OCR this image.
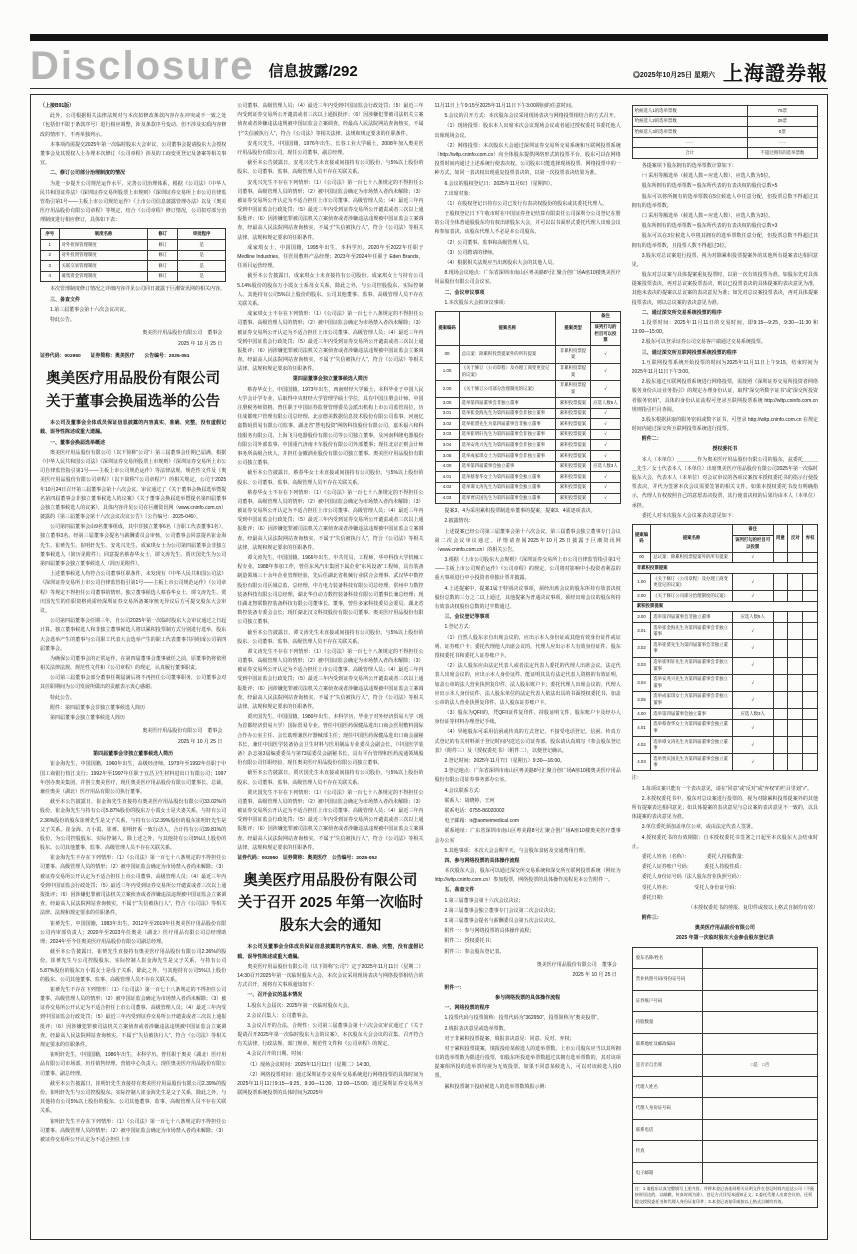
Disclosure 信息披露/292	◎2025年10月25日 星期六 上海證券報

（上接B91版）

此外，公司根据相关法律法规对与本次拟修改条款内容存在冲突或不一致之处（包括但不限于条款序号）进行相应调整，涉及条款序号变动、但不涉及实质内容修改的情形下，不再单独列示。

本事项尚需提交2025年第一次临时股东大会审议，公司董事会提请股东大会授权董事会及其授权人士办理本次修订《公司章程》涉及的工商变更登记及备案等相关事宜。

二、修订公司部分治理制度的情况

为进一步提升公司规范运作水平，完善公司治理体系，根据《公司法》《中华人民共和国证券法》《深圳证券交易所股票上市规则》《深圳证券交易所上市公司自律监管指引第1号——主板上市公司规范运作》《上市公司信息披露管理办法》以及《奥美医疗用品股份有限公司章程》等规定，结合《公司章程》修订情况，公司拟对部分治理制度进行相应修订，具体如下表：

序号	制度名称	修订	审批程序
1	对外担保管理制度	修订	是
2	对外投资管理制度	修订	是
3	关联交易管理制度	修订	是
4	募集资金管理制度	修订	是

本次管理制度修订情况之详细内容详见公司同日披露于巨潮资讯网的相关内容。

三、备查文件

1.第三届董事会第十六次会议决议。

特此公告。

奥美医疗用品股份有限公司　董事会
2025 年 10 月 25 日

证券代码：002950　　证券简称：奥美医疗　　公告编号：2025-051

奥美医疗用品股份有限公司
关于董事会换届选举的公告

本公司及董事会全体成员保证信息披露的内容真实、准确、完整，没有虚假记载、误导性陈述或重大遗漏。

一、董事会换届选举概述

奥美医疗用品股份有限公司（以下简称“公司”）第三届董事会任期已届满，根据《中华人民共和国公司法》《深圳证券交易所股票上市规则》《深圳证券交易所上市公司自律监管指引第1号——主板上市公司规范运作》等法律法规、规范性文件及《奥美医疗用品股份有限公司章程》（以下简称“《公司章程》”）的相关规定，公司于2025年10月24日召开第三届董事会第十六次会议，审议通过了《关于董事会换届选举暨提名第四届董事会非独立董事候选人的议案》《关于董事会换届选举暨提名第四届董事会独立董事候选人的议案》，具体内容详见公司在巨潮资讯网（www.cninfo.com.cn）披露的《第三届董事会第十六次会议决议公告》（公告编号：2025-049）。

公司第四届董事会由9名董事组成，其中非独立董事6名（含职工代表董事1名），独立董事3名。经第三届董事会提名与薪酬委员会审核，公司董事会同意提名崔金海先生、崔赟先生、崔明轩先生、安兆兴先生、成家琪女士为公司第四届董事会非独立董事候选人（简历见附件）；同意提名蔡春华女士、谭文涛先生、贾庆国先生为公司第四届董事会独立董事候选人（简历见附件）。

上述董事候选人均符合公司董事任职条件，未发现有《中华人民共和国公司法》《深圳证券交易所上市公司自律监管指引第1号——主板上市公司规范运作》《公司章程》等规定不得担任公司董事的情形。独立董事候选人蔡春华女士、谭文涛先生、贾庆国先生的任职资格尚需经深圳证券交易所备案审核无异议后方可提交股东大会审议。

公司第四届董事会任期三年，自公司2025年第一次临时股东大会审议通过之日起计算。独立董事候选人和非独立董事候选人将以累积投票制方式分别进行选举，股东大会选举产生的董事与公司职工代表大会选举产生的职工代表董事共同组成公司第四届董事会。

为确保公司董事会的正常运作，在第四届董事会董事就任之前，原董事仍将依照相关法律法规、规范性文件和《公司章程》的规定，认真履行董事职责。

公司第三届董事会部分董事任期届满后将不再担任公司董事职务，公司董事会对其任职期间为公司发展所做出的贡献表示衷心感谢。

特此公告。

附件：第四届董事会非独立董事候选人简历

第四届董事会独立董事候选人简历

奥美医疗用品股份有限公司　董事会
2025 年 10 月 25 日

第四届董事会非独立董事候选人简历

崔金海先生，中国国籍，1960年出生，高级经济师。1979年至1992年任职于中国工商银行枝江支行；1992年至1997年任职于宜昌卫生材料进出口有限公司；1997年创办奥美集团，并创立奥美医疗，现任奥美医疗用品股份有限公司董事长、总裁，兼任奥美（湖北）医疗用品有限公司执行董事。

截至本公告披露日，崔金海先生直接持有奥美医疗用品股份有限公司33.02%的股份。崔金海先生与持有公司5.87%股份的股东万小霞女士是夫妻关系，与持有公司2.36%股份的股东崔赟先生是父子关系，与持有公司2.39%股份的股东崔明轩先生是父子关系。崔金海、万小霞、崔赟、崔明轩系一致行动人，合计持有公司39.81%的股份，为公司控股股东、实际控制人。除上述之外，与其他持有公司5%以上股份的股东、公司其他董事、监事、高级管理人员不存在关联关系。

崔金海先生不存在下列情形：（1）《公司法》第一百七十八条规定的不得担任公司董事、高级管理人员的情形；（2）被中国证监会确定为市场禁入者尚未解除；（3）被证券交易所公开认定为不适合担任上市公司董事、高级管理人员；（4）最近三年内受到中国证监会行政处罚；（5）最近三年内受到证券交易所公开谴责或者三次以上通报批评；（6）因涉嫌犯罪被司法机关立案侦查或者涉嫌违法违规被中国证监会立案调查。经最高人民法院网站查询核实，不属于“失信被执行人”，符合《公司法》等相关法律、法规和规定要求的任职条件。

崔赟先生，中国国籍，1983年出生。2012年至2019年任奥美医疗用品股份有限公司内审部负责人；2020年至2023年任奥美（湖北）医疗用品有限公司总经理助理；2024年至今任奥美医疗用品股份有限公司副总经理。

截至本公告披露日，崔赟先生直接持有奥美医疗用品股份有限公司2.36%的股份。崔赟先生与公司控股股东、实际控制人崔金海先生是父子关系，与持有公司5.87%股份的股东万小霞女士是母子关系，除此之外，与其他持有公司5%以上股份的股东、公司其他董事、监事、高级管理人员不存在关联关系。

崔赟先生不存在下列情形：（1）《公司法》第一百七十八条规定的不得担任公司董事、高级管理人员的情形；（2）被中国证监会确定为市场禁入者尚未解除；（3）被证券交易所公开认定为不适合担任上市公司董事、高级管理人员；（4）最近三年内受到中国证监会行政处罚；（5）最近三年内受到证券交易所公开谴责或者三次以上通报批评；（6）因涉嫌犯罪被司法机关立案侦查或者涉嫌违法违规被中国证监会立案调查。经最高人民法院网站查询核实，不属于“失信被执行人”，符合《公司法》等相关规定要求的任职条件。

崔明轩先生，中国国籍，1986年出生，本科学历。曾任职于奥美（湖北）医疗用品有限公司市场部，历任销售经理、营销中心负责人；现任奥美医疗用品股份有限公司董事、副总经理。

截至本公告披露日，崔明轩先生直接持有奥美医疗用品股份有限公司2.39%的股份。崔明轩先生与公司控股股东、实际控制人崔金海先生是父子关系，除此之外，与其他持有公司5%以上股份的股东、公司其他董事、监事、高级管理人员不存在关联关系。

崔明轩先生不存在下列情形：（1）《公司法》第一百七十八条规定的不得担任公司董事、高级管理人员的情形；（2）被中国证监会确定为市场禁入者尚未解除；（3）被证券交易所公开认定为不适合担任上市

公司董事、高级管理人员；（4）最近三年内受到中国证监会行政处罚；（5）最近三年内受到证券交易所公开谴责或者三次以上通报批评；（6）因涉嫌犯罪被司法机关立案侦查或者涉嫌违法违规被中国证监会立案调查。经最高人民法院网站查询核实，不属于“失信被执行人”，符合《公司法》等相关法律、法规和规定要求的任职条件。

安兆兴先生，中国国籍，1976年出生，长春工业大学硕士，2008年加入奥美医疗用品股份有限公司，现任公司董事、副总经理。

截至本公告披露日，安兆兴先生未直接或间接持有公司股份，与5%以上股份的股东、公司董事、监事、高级管理人员不存在关联关系。

安兆兴先生不存在下列情形：（1）《公司法》第一百七十八条规定的不得担任公司董事、高级管理人员的情形；（2）被中国证监会确定为市场禁入者尚未解除；（3）被证券交易所公开认定为不适合担任上市公司董事、高级管理人员；（4）最近三年内受到中国证监会行政处罚；（5）最近三年内受到证券交易所公开谴责或者三次以上通报批评；（6）因涉嫌犯罪被司法机关立案侦查或者涉嫌违法违规被中国证监会立案调查。经最高人民法院网站查询核实，不属于“失信被执行人”，符合《公司法》等相关法律、法规和规定要求的任职条件。

成家琪女士，中国国籍，1995年出生，本科学历。2020年至2022年任职于 Medline Industries，任医用敷料产品经理；2023年至2024年任职于 Eden Brands，任项目运营经理。

截至本公告披露日，成家琪女士未直接持有公司股份。成家琪女士与持有公司5.14%股份的股东万小霞女士系母女关系，除此之外，与公司控股股东、实际控制人、其他持有公司5%以上股份的股东、公司其他董事、监事、高级管理人员不存在关联关系。

成家琪女士不存在下列情形：（1）《公司法》第一百七十八条规定的不得担任公司董事、高级管理人员的情形；（2）被中国证监会确定为市场禁入者尚未解除；（3）被证券交易所公开认定为不适合担任上市公司董事、高级管理人员；（4）最近三年内受到中国证监会行政处罚；（5）最近三年内受到证券交易所公开谴责或者三次以上通报批评；（6）因涉嫌犯罪被司法机关立案侦查或者涉嫌违法违规被中国证监会立案调查。经最高人民法院网站查询核实，不属于“失信被执行人”，符合《公司法》等相关法律、法规和规定要求的任职条件。

第四届董事会独立董事候选人简历

蔡春华女士，中国国籍，1973年出生，西南财经大学硕士，本科毕业于中国人民大学会计学专业，后取得中央财经大学管理学硕士学位，具有中国注册会计师、中国注册税务师资格。曾任职于中国证券监督管理委员会派出机构上市公司监管岗位，历任成都账户管理有限公司总经理、北京德美数据信息技术股份有限公司监事、河南亿嘉数码贸易有限公司监事，湖北省“慧电投资”网络科技股份有限公司、嘉禾福六和科技服务有限公司、上海飞马电器股份有限公司等公司独立董事，及河南科隆电器股份有限公司外部监事、中国重汽济南卡车股份有限公司外部董事；现任北京正则会计师事务所高级合伙人，并担任金徽酒业股份有限公司独立董事、奥美医疗用品股份有限公司独立董事。

截至本公告披露日，蔡春华女士未直接或间接持有公司股份，与5%以上股份的股东、公司董事、监事、高级管理人员不存在关联关系。

蔡春华女士不存在下列情形：（1）《公司法》第一百七十八条规定的不得担任公司董事、高级管理人员的情形；（2）被中国证监会确定为市场禁入者尚未解除；（3）被证券交易所公开认定为不适合担任上市公司董事、高级管理人员；（4）最近三年内受到中国证监会行政处罚；（5）最近三年内受到证券交易所公开谴责或者三次以上通报批评；（6）因涉嫌犯罪被司法机关立案侦查或者涉嫌违法违规被中国证监会立案调查。经最高人民法院网站查询核实，不属于“失信被执行人”，符合《公司法》等相关法律、法规和规定要求的任职条件。

谭文涛先生，中国国籍，1966年出生，中共党员，工程师，华中科技大学机械工程专业。1988年参加工作，曾任东风汽车集团下属企业“东风设备”工程师，具有装备制造领域三十余年企业管理经验，先后任湖北省机械行业联合会理事、武汉华中数控股份有限公司区域总监、总经理，中力电力装备科技有限公司总经理，常州中力数控装备科技有限公司总经理，湖北华自动力数控装备科技有限公司董事长兼总经理；现任湖北智联数控装备科技有限公司董事长、董事，曾任多家科技委员会委员、湖北省数控装备专委会会长；现任湖北汉文科技股份有限公司董事、奥美医疗用品股份有限公司独立董事。

截至本公告披露日，谭文涛先生未直接或间接持有公司股份，与5%以上股份的股东、公司董事、监事、高级管理人员不存在关联关系。

谭文涛先生不存在下列情形：（1）《公司法》第一百七十八条规定的不得担任公司董事、高级管理人员的情形；（2）被中国证监会确定为市场禁入者尚未解除；（3）被证券交易所公开认定为不适合担任上市公司董事、高级管理人员；（4）最近三年内受到中国证监会行政处罚；（5）最近三年内受到证券交易所公开谴责或者三次以上通报批评；（6）因涉嫌犯罪被司法机关立案侦查或者涉嫌违法违规被中国证监会立案调查。经最高人民法院网站查询核实，不属于“失信被执行人”，符合《公司法》等相关法律、法规和规定要求的任职条件。

贾庆国先生，中国国籍，1980年出生，本科学历，毕业于对外经济贸易大学（现为首都经济贸易大学）国际贸易专业。曾任中国医药保健品进出口商会医用敷料国际合作办公室主任、会长助理兼医疗器械部主任；现任中国医药保健品进出口商会副秘书长，兼任中国医学装备协会卫生材料与医用制品专业委员会副会长，《中国医学装备》杂志第3届编委委员与第73届委员会副秘书长，具有平台管理和医药流通领域股份有限公司任职经验，现任奥美医疗用品股份有限公司独立董事。

截至本公告披露日，贾庆国先生未直接或间接持有公司股份，与5%以上股份的股东、公司董事、监事、高级管理人员不存在关联关系。

贾庆国先生不存在下列情形：（1）《公司法》第一百七十八条规定的不得担任公司董事、高级管理人员的情形；（2）被中国证监会确定为市场禁入者尚未解除；（3）被证券交易所公开认定为不适合担任上市公司董事、高级管理人员；（4）最近三年内受到中国证监会行政处罚；（5）最近三年内受到证券交易所公开谴责或者三次以上通报批评；（6）因涉嫌犯罪被司法机关立案侦查或者涉嫌违法违规被中国证监会立案调查。经最高人民法院网站查询核实，不属于“失信被执行人”，符合《公司法》等相关法律、法规和规定要求的任职条件。

证券代码：002950　证券简称：奥美医疗　公告编号：2025-052

奥美医疗用品股份有限公司
关于召开 2025 年第一次临时
股东大会的通知

本公司及董事会全体成员保证信息披露的内容真实、准确、完整，没有虚假记载、误导性陈述或重大遗漏。

奥美医疗用品股份有限公司（以下简称“公司”）定于2025年11月11日（星期二）14:30召开2025年第一次临时股东大会，本次会议采用现场表决与网络投票相结合的方式召开，现将有关事项通知如下：

一、召开会议的基本情况

1.股东大会届次：2025年第一次临时股东大会。

2.会议召集人：公司董事会。

3.会议召开的合法、合规性：公司第三届董事会第十六次会议审议通过了《关于提请召开2025年第一次临时股东大会的议案》，本次股东大会会议的召集、召开符合有关法律、行政法规、部门规章、规范性文件和《公司章程》的规定。

4.会议召开的日期、时间：

（1）现场会议时间：2025年11月11日（星期二）14:30。

（2）网络投票时间：通过深圳证券交易所交易系统进行网络投票的具体时间为2025年11月11日9:15—9:25，9:30—11:30，13:00—15:00；通过深圳证券交易所互联网投票系统投票的具体时间为2025年

11月11日上午9:15至2025年11月11日下午3:00期间的任意时间。

5.会议的召开方式：本次股东会议采用现场表决与网络投票相结合的方式召开。

（1）现场投票：股东本人出席本次会议现场会议或者通过授权委托书委托他人出席现场会议。

（2）网络投票：本次股东大会通过深圳证券交易所交易系统和互联网投票系统（http://wltp.cninfo.com.cn）向全体股东提供网络形式的投票平台，股东可以在网络投票时间内通过上述系统行使表决权。公司股东只能选择现场投票、网络投票中的一种方式，如同一表决权出现重复投票表决的，以第一次投票表决结果为准。

6.会议的股权登记日：2025年11月6日（星期四）。

7.出席对象：

（1）在股权登记日持有公司已发行有表决权股份的股东或其委托代理人。

于股权登记日下午收市时在中国证券登记结算有限责任公司深圳分公司登记在册的公司全体普通股股东均有权出席股东大会，并可以以书面形式委托代理人出席会议和参加表决，该股东代理人不必是本公司股东。

（2）公司董事、监事和高级管理人员。

（3）公司聘请的律师。

（4）根据相关法规应当出席股东大会的其他人员。

8.现场会议地点：广东省深圳市南山区粤美路8号汇聚合创广场A座10楼奥美医疗用品股份有限公司会议室。

二、会议审议事项

1.本次股东大会拟审议事项：

提案编码	提案名称	提案类型	备注
			该列打勾的栏目可以投票
00	总议案：除累积投票提案外的所有提案	非累积投票提案	√
1.00	《关于修订〈公司章程〉及办理工商变更登记的议案》	非累积投票提案	√
2.00	《关于修订公司部分治理制度的议案》	非累积投票提案	√
3.00	选举第四届董事会非独立董事	累积投票提案	应选人数5人
3.01	选举崔金海先生为第四届董事会非独立董事	累积投票提案	√
3.02	选举崔赟先生为第四届董事会非独立董事	累积投票提案	√
3.03	选举崔明轩先生为第四届董事会非独立董事	累积投票提案	√
3.04	选举安兆兴先生为第四届董事会非独立董事	累积投票提案	√
3.05	选举成家琪女士为第四届董事会非独立董事	累积投票提案	√
4.00	选举第四届董事会独立董事	累积投票提案	应选人数3人
4.01	选举蔡春华女士为第四届董事会独立董事	累积投票提案	√
4.02	选举谭文涛先生为第四届董事会独立董事	累积投票提案	√
4.03	选举贾庆国先生为第四届董事会独立董事	累积投票提案	√

提案3、4为采用累积投票制选举董事的提案，提案3、4需逐项表决。

2.披露情况：

上述提案已经公司第三届董事会第十六次会议、第三届董事会独立董事专门会议第二次会议审议通过，详情请查阅2025年10月25日披露于巨潮资讯网（www.cninfo.com.cn）的相关公告。

3.根据《上市公司股东大会规则》《深圳证券交易所上市公司自律监管指引第1号——主板上市公司规范运作》《公司章程》的规定，公司将对影响中小投资者利益的重大事项进行中小投资者单独计票并披露。

4.上述提案中，提案1属于特别决议事项，须经出席会议的股东所持有效表决权股份总数的三分之二以上通过，其他提案为普通决议事项，须经出席会议的股东所持有效表决权股份总数的过半数通过。

三、会议登记等事项

1.登记方式：

（1）自然人股东亲自出席会议的，应出示本人身份证或其他有效身份证件或证明、证券账户卡；委托代理他人出席会议的，代理人应出示本人有效身份证件、股东授权委托书和委托人证券账户卡。

（2）法人股东应由法定代表人或者法定代表人委托的代理人出席会议。法定代表人出席会议的，应出示本人身份证件、能证明其具有法定代表人资格的有效证明、加盖公章的法人营业执照复印件、法人股东账户卡；委托代理人出席会议的，代理人应出示本人身份证件、法人股东单位的法定代表人依法出具的书面授权委托书、加盖公章的法人营业执照复印件、法人股东证券账户卡。

（3）股东为QFII的，凭QFII证件复印件、持股证明文件、股东账户卡及经办人身份证等材料办理登记手续。

（4）异地股东可采用信函或传真的方式登记，不接受电话登记。信函、传真方式登记的有关材料须于登记时间内送达公司证券部。股东请认真填写《参会股东登记表》（附件三）及《授权委托书》（附件二），以便登记确认。

2.登记时间：2025年11月7日（星期五）9:30—16:00。

3.登记地点：广东省深圳市南山区粤美路8号汇聚合创广场A座10楼奥美医疗用品股份有限公司证券事务部办公室。

4.会议联系方式：

联系人：胡晓婷、王珂

联系电话：0755-86020002

电子邮箱：ir@aomeimedical.com

联系地址：广东省深圳市南山区粤美路8号汇聚合创广场A座10楼奥美医疗董事会办公室

5.其他事项：本次大会会期半天，与会股东食宿及交通费用自理。

四、参与网络投票的具体操作流程

本次股东大会，股东可以通过深交所交易系统和深交所互联网投票系统（网址为 http://wltp.cninfo.com.cn）参加投票，网络投票的具体操作流程见本公告附件一。

五、备查文件

1.第三届董事会第十六次会议决议；

2.第三届董事会独立董事专门会议第二次会议决议；

3.第三届董事会提名与薪酬委员会第五次会议决议。

附件一：参与网络投票的具体操作流程；

附件二：授权委托书；

附件三：参会股东登记表。

奥美医疗用品股份有限公司　董事会
2025 年 10 月 25 日

附件一：

参与网络投票的具体操作流程

一、网络投票的程序

1.投票代码与投票简称：投票代码为“362950”，投票简称为“奥美投票”。

2.填报表决意见或选举票数。

对于非累积投票提案，填报表决意见：同意、反对、弃权；

对于累积投票提案，填报投给某候选人的选举票数。上市公司股东应当以其所拥有的选举票数为限进行投票，如股东所投选举票数超过其拥有选举票数的，其对该项提案组所投的选举票均视为无效投票。如果不同意某候选人，可以对该候选人投0票。

累积投票制下投给候选人的选举票数填报示例：

给候选人1的选举票数	75票
给候选人2的选举票数	25票
给候选人3的选举票数	0票
……	……
合计	不超过拥有的选举票数

各提案项下股东拥有的选举票数计算如下：

㈠ 采用等额选举（候选人数＝应选人数），应选人数为5位。

股东所拥有的选举票数＝股东所代表的有表决权的股份总数×5

股东可以将所拥有的选举票数在5位候选人中任意分配，但投票总数不得超过其拥有的选举票数。

㈡ 采用等额选举（候选人数＝应选人数），应选人数为3位。

股东所拥有的选举票数＝股东所代表的有表决权的股份总数×3

股东可以在3位候选人中将其拥有的选举票数任意分配，但投票总数不得超过其拥有的选举票数，且投票人数不得超过3位。

3.股东对总议案进行投票，视为对除累积投票提案外的其他所有提案表达相同意见。

股东对总议案与具体提案重复投票时，以第一次有效投票为准。如股东先对具体提案投票表决，再对总议案投票表决，则以已投票表决的具体提案的表决意见为准，其他未表决的提案以总议案的表决意见为准；如先对总议案投票表决，再对具体提案投票表决，则以总议案的表决意见为准。

二、通过深交所交易系统投票的程序

1.投票时间：2025年11月11日的交易时间，即9:15—9:25，9:30—11:30 和 13:00—15:00。

2.股东可以登录证券公司交易客户端通过交易系统投票。

三、通过深交所互联网投票系统投票的程序

1.互联网投票系统开始投票的时间为2025年11月11日上午9:15，结束时间为2025年11月11日下午3:00。

2.股东通过互联网投票系统进行网络投票，需按照《深圳证券交易所投资者网络服务身份认证业务指引》的规定办理身份认证，取得“深交所数字证书”或“深交所投资者服务密码”。具体的身份认证流程可登录互联网投票系统 http://wltp.cninfo.com.cn 规则指引栏目查阅。

3.股东根据获取的服务密码或数字证书，可登录 http://wltp.cninfo.com.cn 在规定时间内通过深交所互联网投票系统进行投票。

附件二：

授权委托书

本人（本单位）＿＿＿＿作为奥美医疗用品股份有限公司的股东，兹委托＿＿＿＿先生／女士代表本人（本单位）出席奥美医疗用品股份有限公司2025年第一次临时股东大会，代表本人（本单位）对会议审议的各项议案按本授权委托书的指示行使投票表决，并代为签署本次会议需要签署的相关文件。如果本授权委托书没有明确指示，代理人有权按照自己的意愿表决投票，其行使表决权的后果均由本人（本单位）承担。

委托人对本次股东大会议案表决意见如下：

提案编码	提案名称	备注	同意	反对	弃权
		该列打勾的栏目可以投票			
00	总议案：除累积投票提案外的所有提案	√			
非累积投票提案					
1.00	《关于修订〈公司章程〉及办理工商变更登记的议案》	√			
2.00	《关于修订公司部分治理制度的议案》	√			
累积投票提案					
3.00	选举第四届董事会非独立董事	应选人数5人			
3.01	选举崔金海先生为第四届董事会非独立董事	√			
3.02	选举崔赟先生为第四届董事会非独立董事	√			
3.03	选举崔明轩先生为第四届董事会非独立董事	√			
3.04	选举安兆兴先生为第四届董事会非独立董事	√			
3.05	选举成家琪女士为第四届董事会非独立董事	√			
4.00	选举第四届董事会独立董事	应选人数3人			
4.01	选举蔡春华女士为第四届董事会独立董事	√			
4.02	选举谭文涛先生为第四届董事会独立董事	√			
4.03	选举贾庆国先生为第四届董事会独立董事	√			

注：

1.每项议案只能有一个表决意见，请在“同意”或“反对”或“弃权”的栏目里划“√”。

2.本授权委托书中，股东对总议案进行投票的，视为对除累积投票提案外的其他所有提案表达相同意见；如具体提案的表决意见与总议案的表决意见不一致的，以具体提案的表决意见为准。

3.单位委托须加盖单位公章，或由法定代表人签署。

4.授权委托书的有效期限：自本授权委托书签署之日起至本次股东大会结束时止。

委托人姓名（名称）：　　　　委托人持股数量：

委托人证券账户号码：　　　委托人持股性质：

委托人身份证号码（法人股东营业执照号码）：

受托人姓名：　　　　　受托人身份证号码：

委托日期：

（本授权委托书的剪报、复印件或按以上格式自制均有效）

附件三：

奥美医疗用品股份有限公司

2025 年第一次临时股东大会参会股东登记表

股东名称/姓名	
营业执照号码/身份证号码	
证券账户号码	
持股数量	
联系地址及邮政编码	
是否亲自出席	□是　□否
代理人姓名	
代理人身份证号码	
联系电话	
传真	
电子邮箱	
注：1.请股东认真完整填写上述内容，并将本登记表连同相关证明文件在登记时间内送达公司（不能按时送达的，以邮戳、传真时间为准），登记方式详见本通知正文；2.委托代理人出席会议的，还须提交授权委托书和代理人身份证复印件；3.本登记表复印或按以上格式自制均有效。	
